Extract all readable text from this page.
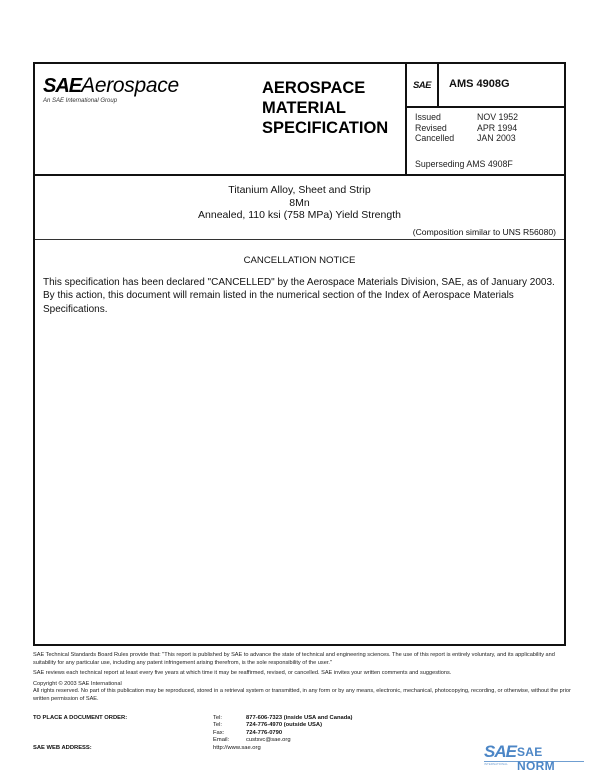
SAE Aerospace
An SAE International Group
AEROSPACE
MATERIAL
SPECIFICATION
SAE AMS 4908G
Issued	NOV 1952
Revised	APR 1994
Cancelled	JAN 2003
Superseding AMS 4908F
Titanium Alloy, Sheet and Strip
8Mn
Annealed, 110 ksi (758 MPa) Yield Strength
(Composition similar to UNS R56080)
CANCELLATION NOTICE

This specification has been declared "CANCELLED" by the Aerospace Materials Division, SAE, as of January 2003. By this action, this document will remain listed in the numerical section of the Index of Aerospace Materials Specifications.

SAE Technical Standards Board Rules provide that: "This report is published by SAE to advance the state of technical and engineering sciences. The use of this report is entirely voluntary, and its applicability and suitability for any particular use, including any patent infringement arising therefrom, is the sole responsibility of the user."

SAE reviews each technical report at least every five years at which time it may be reaffirmed, revised, or cancelled. SAE invites your written comments and suggestions.

Copyright © 2003 SAE International

All rights reserved. No part of this publication may be reproduced, stored in a retrieval system or transmitted, in any form or by any means, electronic, mechanical, photocopying, recording, or otherwise, without the prior written permission of SAE.

TO PLACE A DOCUMENT ORDER:
SAE WEB ADDRESS:
Tel:	877-606-7323 (inside USA and Canada)
Tel:	724-776-4970 (outside USA)
Fax:	724-776-0790
Email:	custsvc@sae.org
http://www.sae.org	SAE SAE NORM
INTERNATIONAL
